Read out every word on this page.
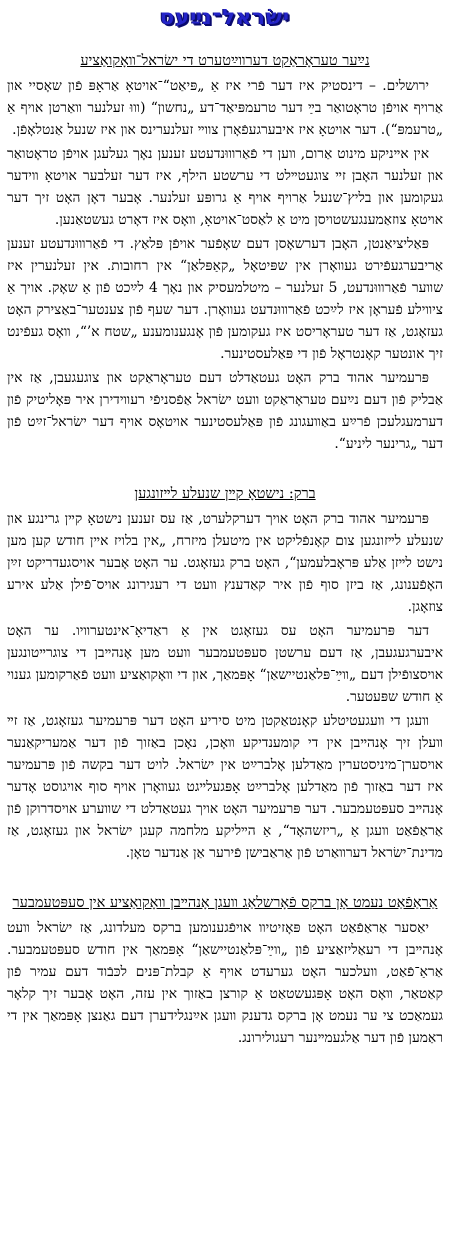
ישׂראל־נײַעס
נײַער טעראָראַקט דערװײַטערט די ישׂראל־װאָקואַציע

ירושלים. – דינסטיק איז דער פֿרי איז אַ „פּיאַט“־אויטאָ אַראָפּ פֿון שאָסיי און אַרויף אויפֿן טראָטואַר בײַ דער טרעמפּיאַד־דע „נחשון“ (װוּ זעלנער װאַרטן אויף אַ „טרעמפּ“). דער אויטאָ איז איבערגעפֿאָרן צװײ זעלנערינס און איז שנעל אַנטלאָפֿן.

אין אײניקע מינוט אַרום, װען די פֿאַרװוּנדעטע זענען נאָך געלעגן אויפֿן טראָטואַר און זעלנער האָבן זײ צוגעטײלט די ערשטע הילף, איז דער זעלבער אויטאָ װידער געקומען און בליץ־שנעל אַרויף אויף אַ גרופּע זעלנער. אָבער דאָן האָט זיך דער אויטאָ צוזאַמענגעשטויסן מיט אַ לאַסט־אויטאָ, װאָס איז דאָרט געשטאַנען.

פּאַליציאַנטן, האָבן דערשאָסן דעם שאָפֿער אויפֿן פּלאַץ. די פֿאַרװוּנדעטע זענען אַריבערגעפֿירט געװאָרן אין שפּיטאָל „קאַפּלאַן“ אין רחובות. אין זעלנערין איז שװער פֿאַרװוּנדעט, 5 זעלנער – מיטלמעסיק און נאָך 4 לײַכט פֿון אַ שאָק. אויך אַ ציװילע פֿעראָן איז לײַכט פֿאַרװוּנדעט געװאָרן. דער שעף פֿון צענטער־באַצירק האָט געזאָגט, אַז דער טעראָריסט איז געקומען פֿון אָנגענומענע „שטח א’“, װאָס געפֿינט זיך אונטער קאָנטראָל פֿון די פּאַלעסטינער.

פּרעמיער אהוד ברק האָט געטאַדלט דעם טעראָראַקט און צוגעגעבן, אַז אין אַבליק פֿון דעם נײַעם טעראָראַקט װעט ישׂראל אַפֿסניפֿי רעװידירן איר פּאָליטיק פֿון דערמעגלעכן פֿרײַע באַװעגונג פֿון פּאַלעסטינער אויטאָס אויף דער ישׂראל־זײַט פֿון דער „גרינער ליניע“.

ברק: נישטאָ קײן שנעלע לײזונגען

פּרעמיער אהוד ברק האָט אויך דערקלערט, אַז עס זענען נישטאָ קײן גרינגע און שנעלע לײזונגען צום קאָנפֿליקט אין מיטעלן מיזרח, „אין בלויז אײן חודש קען מען נישט לײזן אַלע פּראָבלעמען“, האָט ברק געזאָגט. ער האָט אָבער אויסגעדריקט זײַן האָפֿענונג, אַז ביזן סוף פֿון איר קאַדענץ װעט די רעגירונג אויס־פֿילן אַלע אירע צוזאָגן.

דער פּרעמיער האָט עס געזאָגט אין אַ ראַדיאָ־אינטערװיו. ער האָט איבערגעגעבן, אַז דעם ערשטן סעפּטעמבער װעט מען אָנהײבן די צוגרײטונגען אויסצופֿילן דעם „װײַ־פּלאַנטיישאַן“ אָפּמאַך, און די װאָקואַציע װעט פֿאַרקומען גענוי אַ חודש שפּעטער.

װעגן די װעגעטיטלע קאָנטאַקטן מיט סיריע האָט דער פּרעמיער געזאָגט, אַז זײ װעלן זיך אָנהײבן אין די קומענדיקע װאָכן, נאָכן באַזוך פֿון דער אַמעריקאַנער אויסערן־מיניסטערין מאַדלען אָלברײַט אין ישׂראל. לויט דער בקשה פֿון פּרעמיער איז דער באַזוך פֿון מאַדלען אָלברײַט אָפּגעלײגט געװאָרן אויף סוף אויגוסט אָדער אָנהײב סעפּטעמבער. דער פּרעמיער האָט אויך געטאַדלט די שװערע אויסדרוקן פֿון אַראַפֿאַט װעגן אַ „ריזשהאָד“, אַ הײליקע מלחמה קעגן ישׂראל און געזאָגט, אַז מדינת־ישׂראל דערװאַרט פֿון אַראַבישן פֿירער אַן אַנדער טאָן.

אַראַפֿאַט נעמט אָן ברקס פֿאָרשלאַג װעגן אָנהײבן װאָקואַציע אין סעפּטעמבער

יאַסער אַראַפֿאַט האָט פּאָזיטיװ אויפֿגענומען ברקס מעלדונג, אַז ישׂראל װעט אָנהײבן די רעאַליזאַציע פֿון „װײַ־פּלאַנטיישאַן“ אָפּמאַך אין חודש סעפּטעמבער. אַראַ־פֿאַט, װעלכער האָט גערעדט אויף אַ קבלת־פּנים לכּבֿוד דעם עמיר פֿון קאַטאַר, װאָס האָט אָפּגעשטאַט אַ קורצן באַזוך אין עזה, האָט אָבער זיך קלאָר געמאַכט צי ער נעמט אָן ברקס גדענק װעגן אײַנגלידערן דעם גאַנצן אָפּמאַך אין די ראַמען פֿון דער אַלגעמײנער רעגולירונג.
